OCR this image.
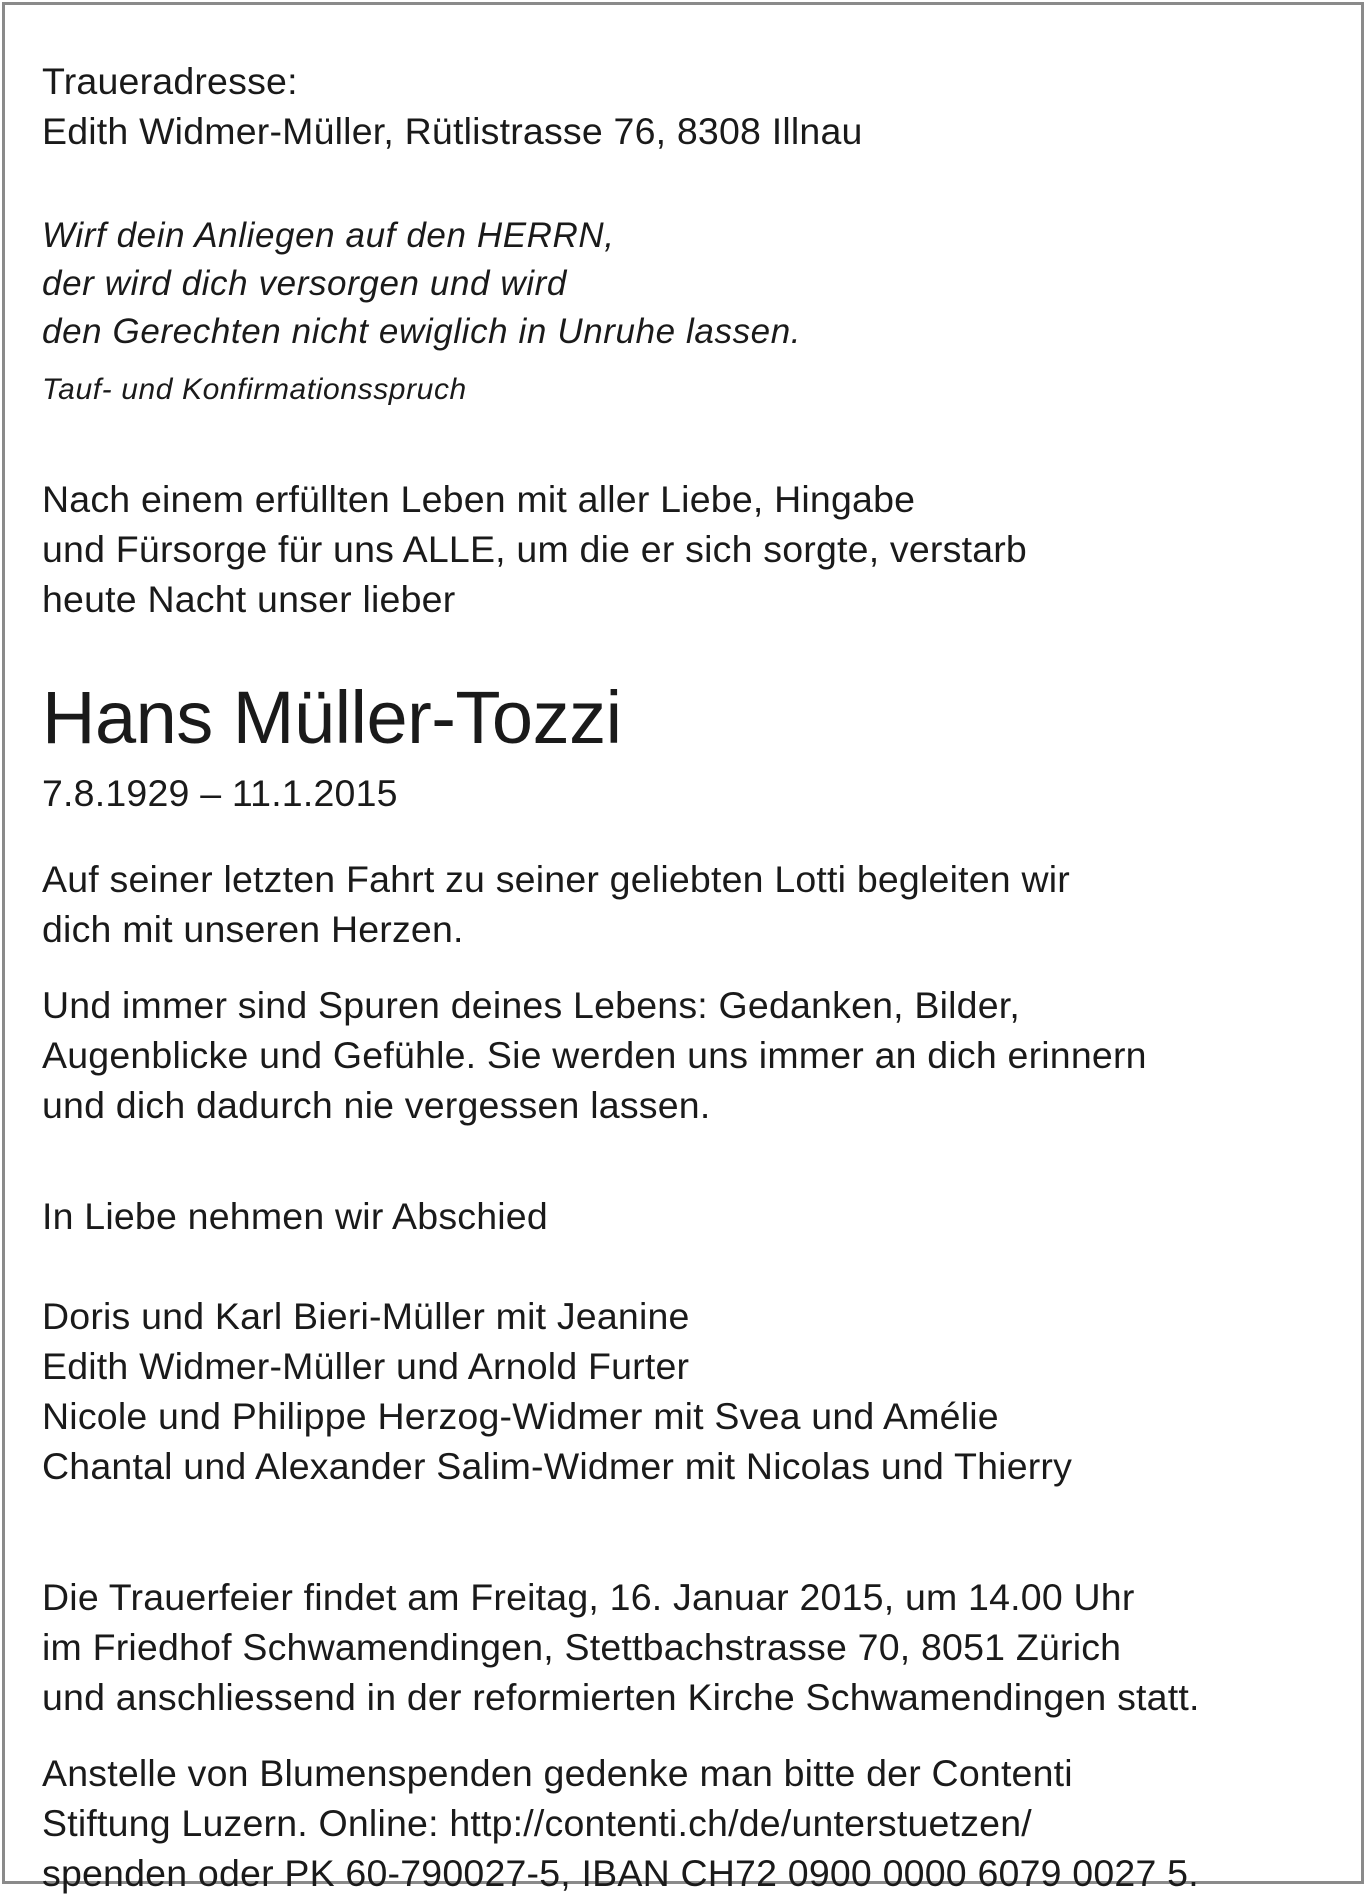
Traueradresse:
Edith Widmer-Müller, Rütlistrasse 76, 8308 Illnau
Wirf dein Anliegen auf den HERRN,
der wird dich versorgen und wird
den Gerechten nicht ewiglich in Unruhe lassen.
Tauf- und Konfirmationsspruch
Nach einem erfüllten Leben mit aller Liebe, Hingabe
und Fürsorge für uns ALLE, um die er sich sorgte, verstarb
heute Nacht unser lieber
Hans Müller-Tozzi
7.8.1929 – 11.1.2015
Auf seiner letzten Fahrt zu seiner geliebten Lotti begleiten wir
dich mit unseren Herzen.
Und immer sind Spuren deines Lebens: Gedanken, Bilder,
Augenblicke und Gefühle. Sie werden uns immer an dich erinnern
und dich dadurch nie vergessen lassen.
In Liebe nehmen wir Abschied
Doris und Karl Bieri-Müller mit Jeanine
Edith Widmer-Müller und Arnold Furter
Nicole und Philippe Herzog-Widmer mit Svea und Amélie
Chantal und Alexander Salim-Widmer mit Nicolas und Thierry
Die Trauerfeier findet am Freitag, 16. Januar 2015, um 14.00 Uhr
im Friedhof Schwamendingen, Stettbachstrasse 70, 8051 Zürich
und anschliessend in der reformierten Kirche Schwamendingen statt.
Anstelle von Blumenspenden gedenke man bitte der Contenti
Stiftung Luzern. Online: http://contenti.ch/de/unterstuetzen/
spenden oder PK 60-790027-5, IBAN CH72 0900 0000 6079 0027 5.
